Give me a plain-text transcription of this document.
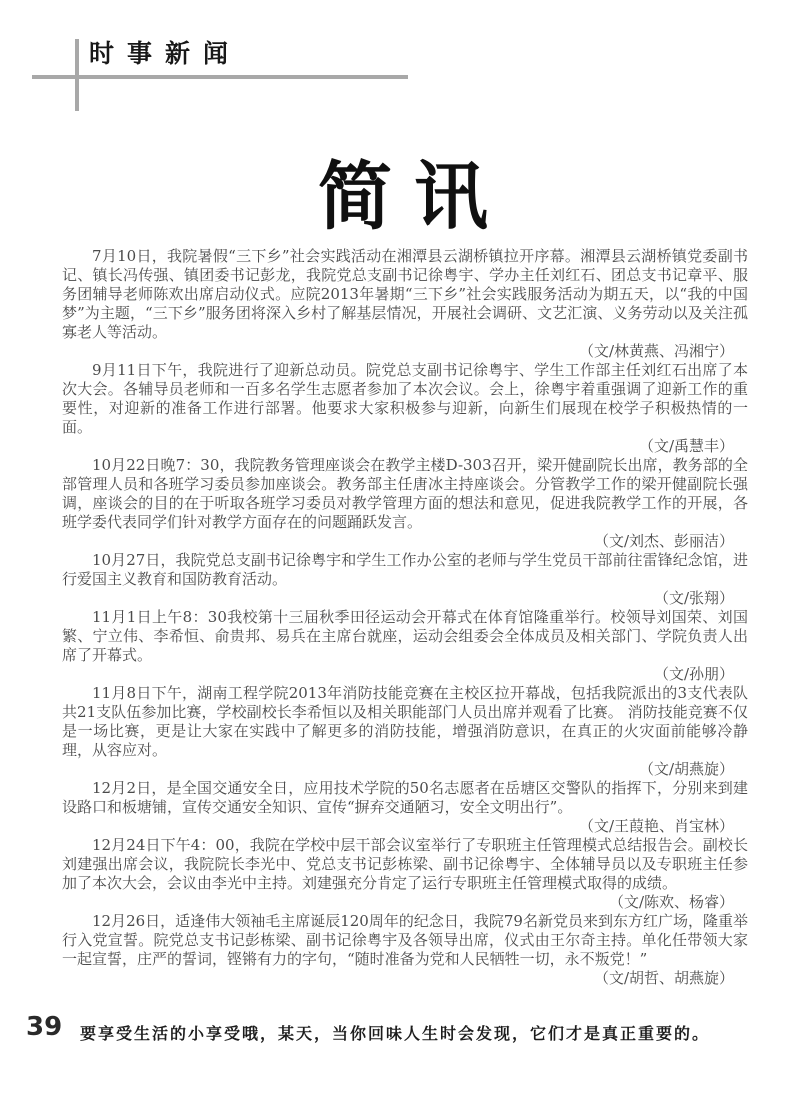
时事新闻
简讯

7月10日，我院暑假“三下乡”社会实践活动在湘潭县云湖桥镇拉开序幕。湘潭县云湖桥镇党委副书记、镇长冯传强、镇团委书记彭龙，我院党总支副书记徐粤宇、学办主任刘红石、团总支书记章平、服务团辅导老师陈欢出席启动仪式。应院2013年暑期“三下乡”社会实践服务活动为期五天，以“我的中国梦”为主题，“三下乡”服务团将深入乡村了解基层情况，开展社会调研、文艺汇演、义务劳动以及关注孤寡老人等活动。

（文/林黄燕、冯湘宁）

9月11日下午，我院进行了迎新总动员。院党总支副书记徐粤宇、学生工作部主任刘红石出席了本次大会。各辅导员老师和一百多名学生志愿者参加了本次会议。会上，徐粤宇着重强调了迎新工作的重要性，对迎新的准备工作进行部署。他要求大家积极参与迎新，向新生们展现在校学子积极热情的一面。

（文/禹慧丰）

10月22日晚7：30，我院教务管理座谈会在教学主楼D-303召开，梁开健副院长出席，教务部的全部管理人员和各班学习委员参加座谈会。教务部主任唐冰主持座谈会。分管教学工作的梁开健副院长强调，座谈会的目的在于听取各班学习委员对教学管理方面的想法和意见，促进我院教学工作的开展，各班学委代表同学们针对教学方面存在的问题踊跃发言。

（文/刘杰、彭丽洁）

10月27日，我院党总支副书记徐粤宇和学生工作办公室的老师与学生党员干部前往雷锋纪念馆，进行爱国主义教育和国防教育活动。

（文/张翔）

11月1日上午8：30我校第十三届秋季田径运动会开幕式在体育馆隆重举行。校领导刘国荣、刘国繁、宁立伟、李希恒、俞贵邦、易兵在主席台就座，运动会组委会全体成员及相关部门、学院负责人出席了开幕式。

（文/孙朋）

11月8日下午，湖南工程学院2013年消防技能竞赛在主校区拉开幕战，包括我院派出的3支代表队共21支队伍参加比赛，学校副校长李希恒以及相关职能部门人员出席并观看了比赛。 消防技能竞赛不仅是一场比赛，更是让大家在实践中了解更多的消防技能，增强消防意识，在真正的火灾面前能够冷静理，从容应对。

（文/胡燕旋）

12月2日，是全国交通安全日，应用技术学院的50名志愿者在岳塘区交警队的指挥下，分别来到建设路口和板塘铺，宣传交通安全知识、宣传“摒弃交通陋习，安全文明出行”。

（文/王葭艳、肖宝林）

12月24日下午4：00，我院在学校中层干部会议室举行了专职班主任管理模式总结报告会。副校长刘建强出席会议，我院院长李光中、党总支书记彭栋梁、副书记徐粤宇、全体辅导员以及专职班主任参加了本次大会，会议由李光中主持。刘建强充分肯定了运行专职班主任管理模式取得的成绩。

（文/陈欢、杨睿）

12月26日，适逢伟大领袖毛主席诞辰120周年的纪念日，我院79名新党员来到东方红广场，隆重举行入党宣誓。院党总支书记彭栋梁、副书记徐粤宇及各领导出席，仪式由王尔奇主持。单化任带领大家一起宣誓，庄严的誓词，铿锵有力的字句，“随时准备为党和人民牺牲一切，永不叛党！”

（文/胡哲、胡燕旋）

39 要享受生活的小享受哦，某天，当你回味人生时会发现，它们才是真正重要的。
